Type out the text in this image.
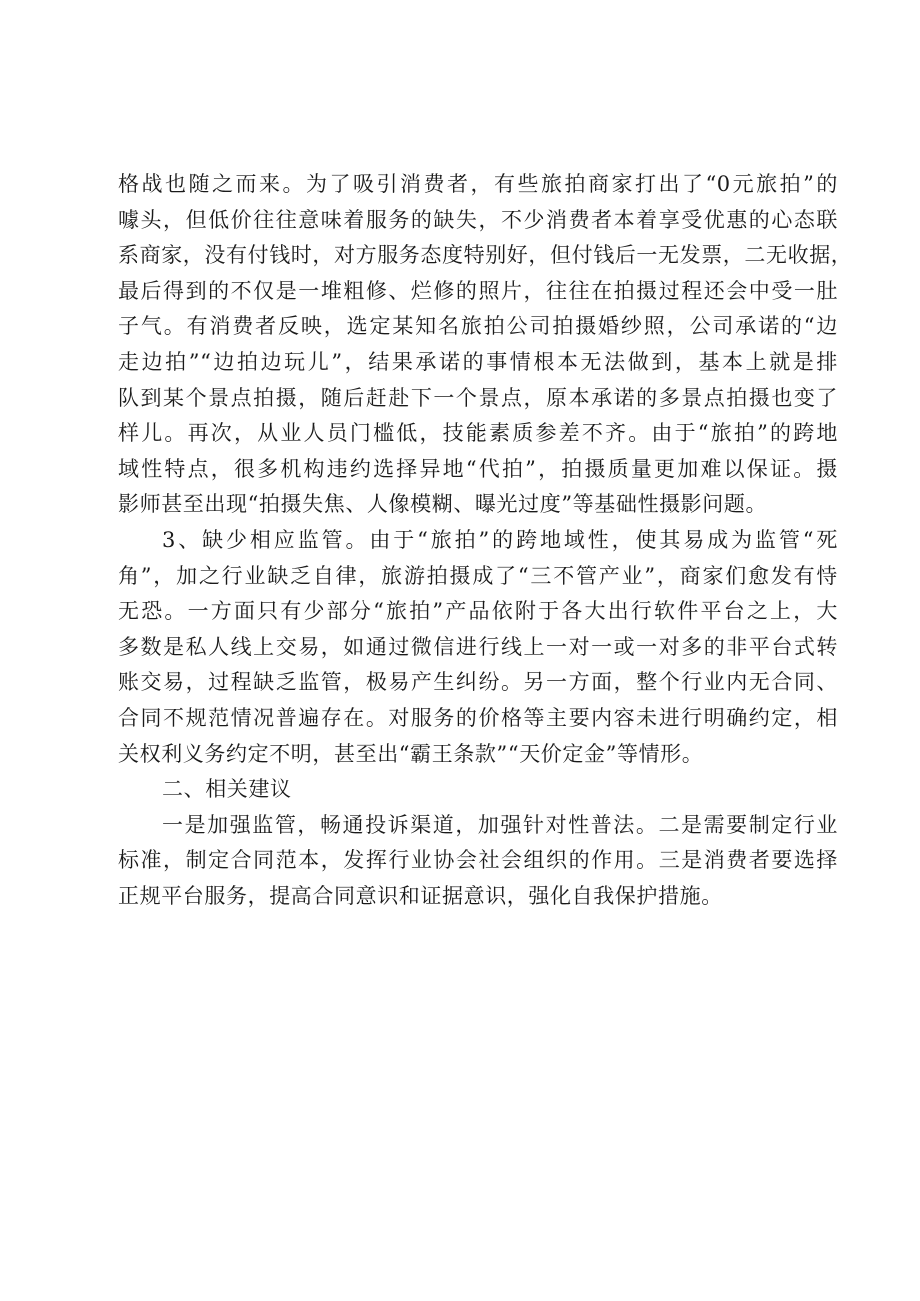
格战也随之而来。为了吸引消费者，有些旅拍商家打出了“0元旅拍”的
噱头，但低价往往意味着服务的缺失，不少消费者本着享受优惠的心态联
系商家，没有付钱时，对方服务态度特别好，但付钱后一无发票，二无收据，
最后得到的不仅是一堆粗修、烂修的照片，往往在拍摄过程还会中受一肚
子气。有消费者反映，选定某知名旅拍公司拍摄婚纱照，公司承诺的“边
走边拍”“边拍边玩儿”，结果承诺的事情根本无法做到，基本上就是排
队到某个景点拍摄，随后赶赴下一个景点，原本承诺的多景点拍摄也变了
样儿。再次，从业人员门槛低，技能素质参差不齐。由于“旅拍”的跨地
域性特点，很多机构违约选择异地“代拍”，拍摄质量更加难以保证。摄
影师甚至出现“拍摄失焦、人像模糊、曝光过度”等基础性摄影问题。
3、缺少相应监管。由于“旅拍”的跨地域性，使其易成为监管“死
角”，加之行业缺乏自律，旅游拍摄成了“三不管产业”，商家们愈发有恃
无恐。一方面只有少部分“旅拍”产品依附于各大出行软件平台之上，大
多数是私人线上交易，如通过微信进行线上一对一或一对多的非平台式转
账交易，过程缺乏监管，极易产生纠纷。另一方面，整个行业内无合同、
合同不规范情况普遍存在。对服务的价格等主要内容未进行明确约定，相
关权利义务约定不明，甚至出“霸王条款”“天价定金”等情形。
二、相关建议
一是加强监管，畅通投诉渠道，加强针对性普法。二是需要制定行业
标准，制定合同范本，发挥行业协会社会组织的作用。三是消费者要选择
正规平台服务，提高合同意识和证据意识，强化自我保护措施。
